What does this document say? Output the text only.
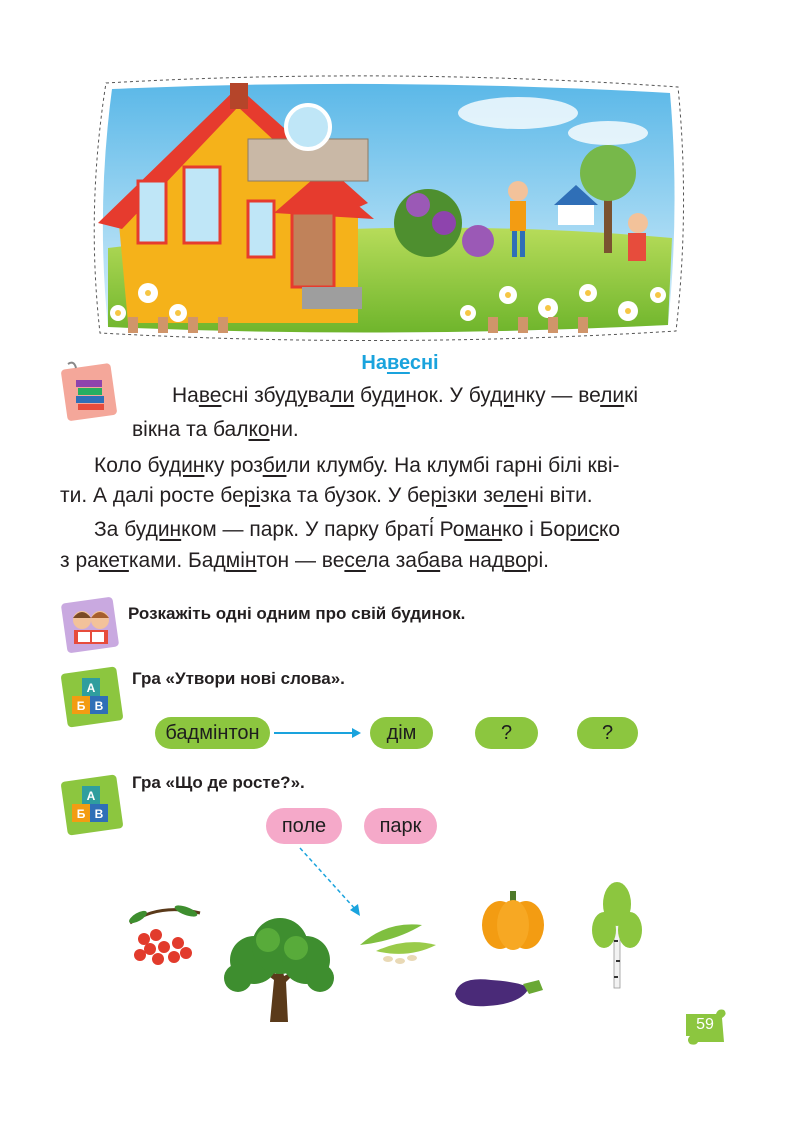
Навесні
Навесні збудували будинок. У будинку — великі
вікна та балкони.
Коло будинку розбили клумбу. На клумбі гарні білі кві-
ти. А далі росте берізка та бузок. У берізки зелені віти.
За будинком — парк. У парку браті Романко і Бориско
з ракетками. Бадмінтон — весела забава надворі.
Розкажіть одні одним про свій будинок.
А
Б В
Гра «Утвори нові слова».
бадмінтон	дім	?	?
А
Б В
Гра «Що де росте?».
поле	парк
59
